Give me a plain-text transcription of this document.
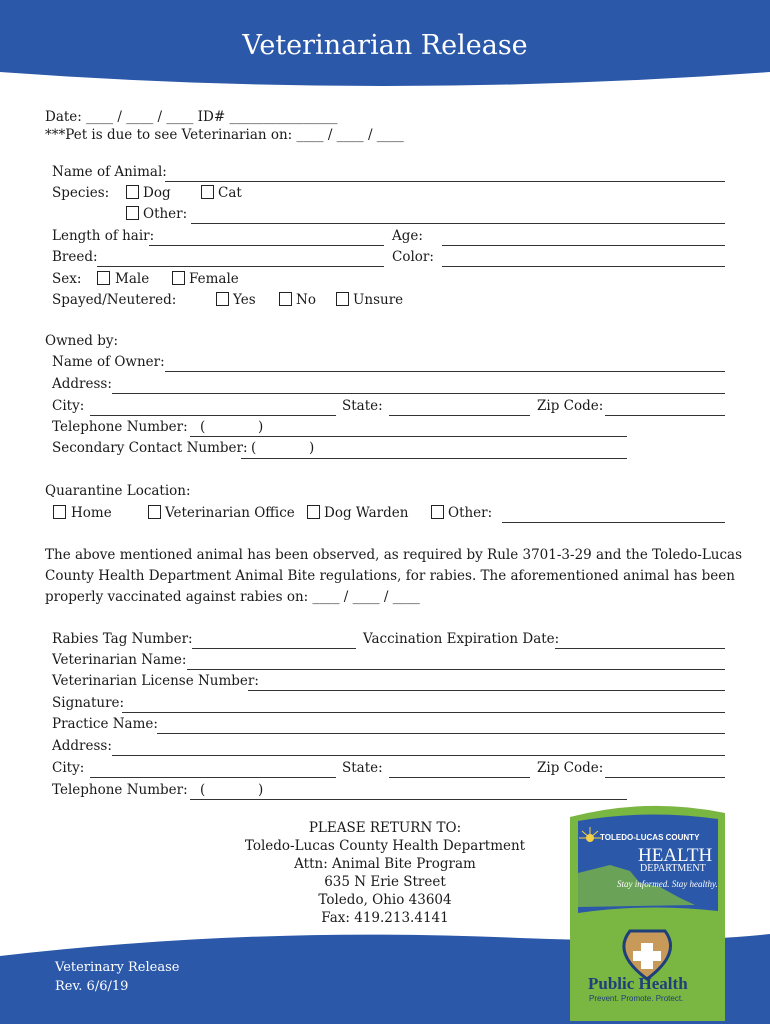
Veterinarian Release
Date: ____ / ____ / ____ ID# ________________
***Pet is due to see Veterinarian on: ____ / ____ / ____
Name of Animal:
Species:	Dog	Cat
Other:
Length of hair:	Age:
Breed:	Color:
Sex: Male	Female
Spayed/Neutered:	Yes	No	Unsure
Owned by:
Name of Owner:
Address:
City:	State:	Zip Code:
Telephone Number: (	)
Secondary Contact Number: (	)
Quarantine Location:
Home	Veterinarian Office Dog Warden	Other:
The above mentioned animal has been observed, as required by Rule 3701-3-29 and the Toledo-Lucas
County Health Department Animal Bite regulations, for rabies. The aforementioned animal has been
properly vaccinated against rabies on: ____ / ____ / ____
Rabies Tag Number:	Vaccination Expiration Date:
Veterinarian Name:
Veterinarian License Number:
Signature:
Practice Name:
Address:
City:	State:	Zip Code:
Telephone Number: (	)
PLEASE RETURN TO:
Toledo-Lucas County Health Department
Attn: Animal Bite Program
635 N Erie Street
Toledo, Ohio 43604
Fax: 419.213.4141
Veterinary Release
Rev. 6/6/19
TOLEDO-LUCAS COUNTY
HEALTH
DEPARTMENT
Stay informed. Stay healthy.
Public Health
Prevent. Promote. Protect.
